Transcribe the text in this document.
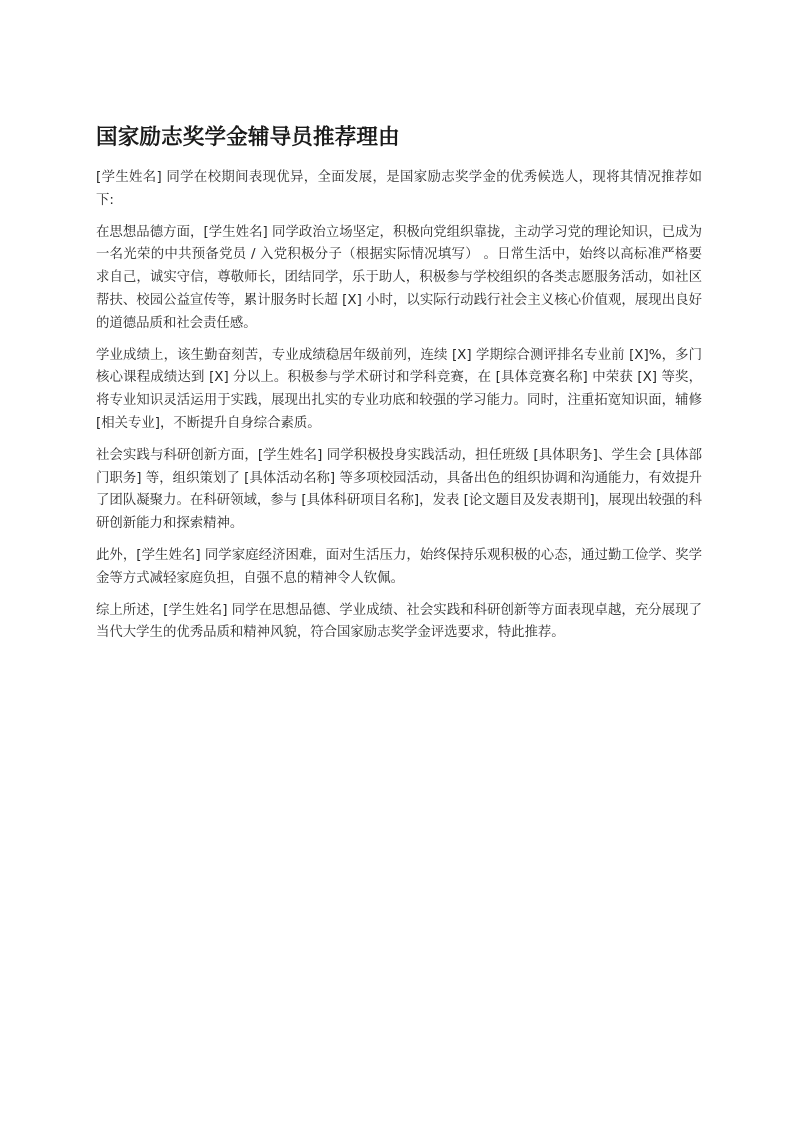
国家励志奖学金辅导员推荐理由

[学生姓名] 同学在校期间表现优异，全面发展，是国家励志奖学金的优秀候选人，现将其情况推荐如下:

在思想品德方面，[学生姓名] 同学政治立场坚定，积极向党组织靠拢，主动学习党的理论知识，已成为一名光荣的中共预备党员 / 入党积极分子（根据实际情况填写） 。日常生活中，始终以高标准严格要求自己，诚实守信，尊敬师长，团结同学，乐于助人，积极参与学校组织的各类志愿服务活动，如社区帮扶、校园公益宣传等，累计服务时长超 [X] 小时，以实际行动践行社会主义核心价值观，展现出良好的道德品质和社会责任感。

学业成绩上，该生勤奋刻苦，专业成绩稳居年级前列，连续 [X] 学期综合测评排名专业前 [X]%，多门核心课程成绩达到 [X] 分以上。积极参与学术研讨和学科竞赛，在 [具体竞赛名称] 中荣获 [X] 等奖，将专业知识灵活运用于实践，展现出扎实的专业功底和较强的学习能力。同时，注重拓宽知识面，辅修 [相关专业]，不断提升自身综合素质。

社会实践与科研创新方面，[学生姓名] 同学积极投身实践活动，担任班级 [具体职务]、学生会 [具体部门职务] 等，组织策划了 [具体活动名称] 等多项校园活动，具备出色的组织协调和沟通能力，有效提升了团队凝聚力。在科研领域，参与 [具体科研项目名称]，发表 [论文题目及发表期刊]，展现出较强的科研创新能力和探索精神。

此外，[学生姓名] 同学家庭经济困难，面对生活压力，始终保持乐观积极的心态，通过勤工俭学、奖学金等方式减轻家庭负担，自强不息的精神令人钦佩。

综上所述，[学生姓名] 同学在思想品德、学业成绩、社会实践和科研创新等方面表现卓越，充分展现了当代大学生的优秀品质和精神风貌，符合国家励志奖学金评选要求，特此推荐。
